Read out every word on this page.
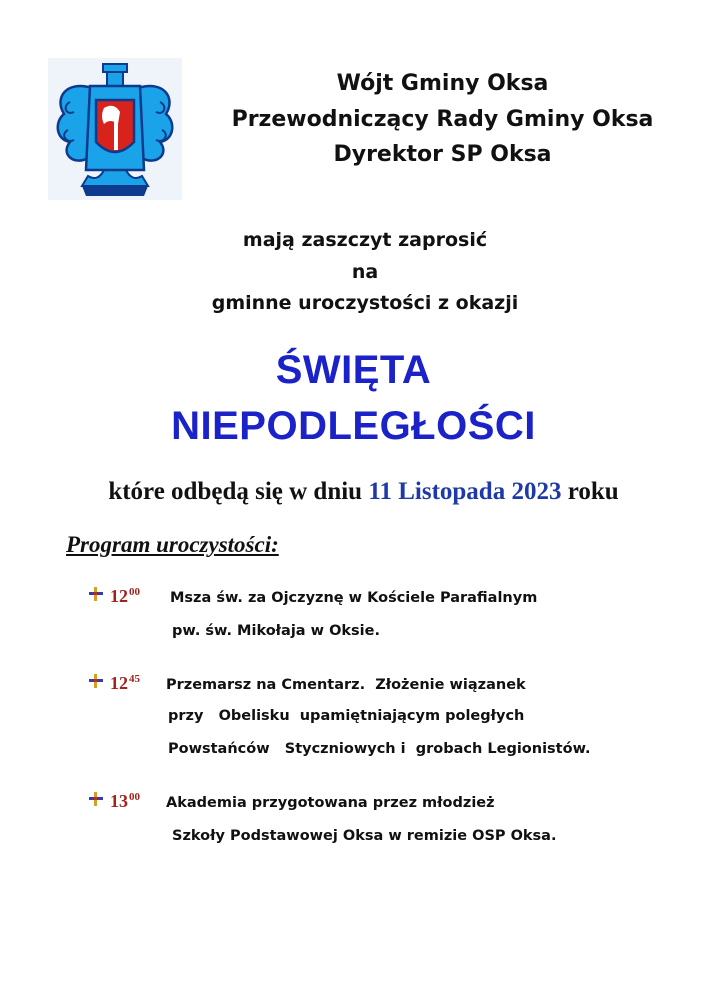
Wójt Gminy Oksa
Przewodniczący Rady Gminy Oksa
Dyrektor SP Oksa
mają zaszczyt zaprosić
na
gminne uroczystości z okazji
ŚWIĘTA
NIEPODLEGŁOŚCI
które odbędą się w dniu 11 Listopada 2023 roku
Program uroczystości:
$12^{00}$ Msza św. za Ojczyznę w Kościele Parafialnym
pw. św. Mikołaja w Oksie.
$12^{45}$ Przemarsz na Cmentarz.  Złożenie wiązanek
przy   Obelisku  upamiętniającym poległych
Powstańców   Styczniowych i  grobach Legionistów.
$13^{00}$ Akademia przygotowana przez młodzież
Szkoły Podstawowej Oksa w remizie OSP Oksa.
